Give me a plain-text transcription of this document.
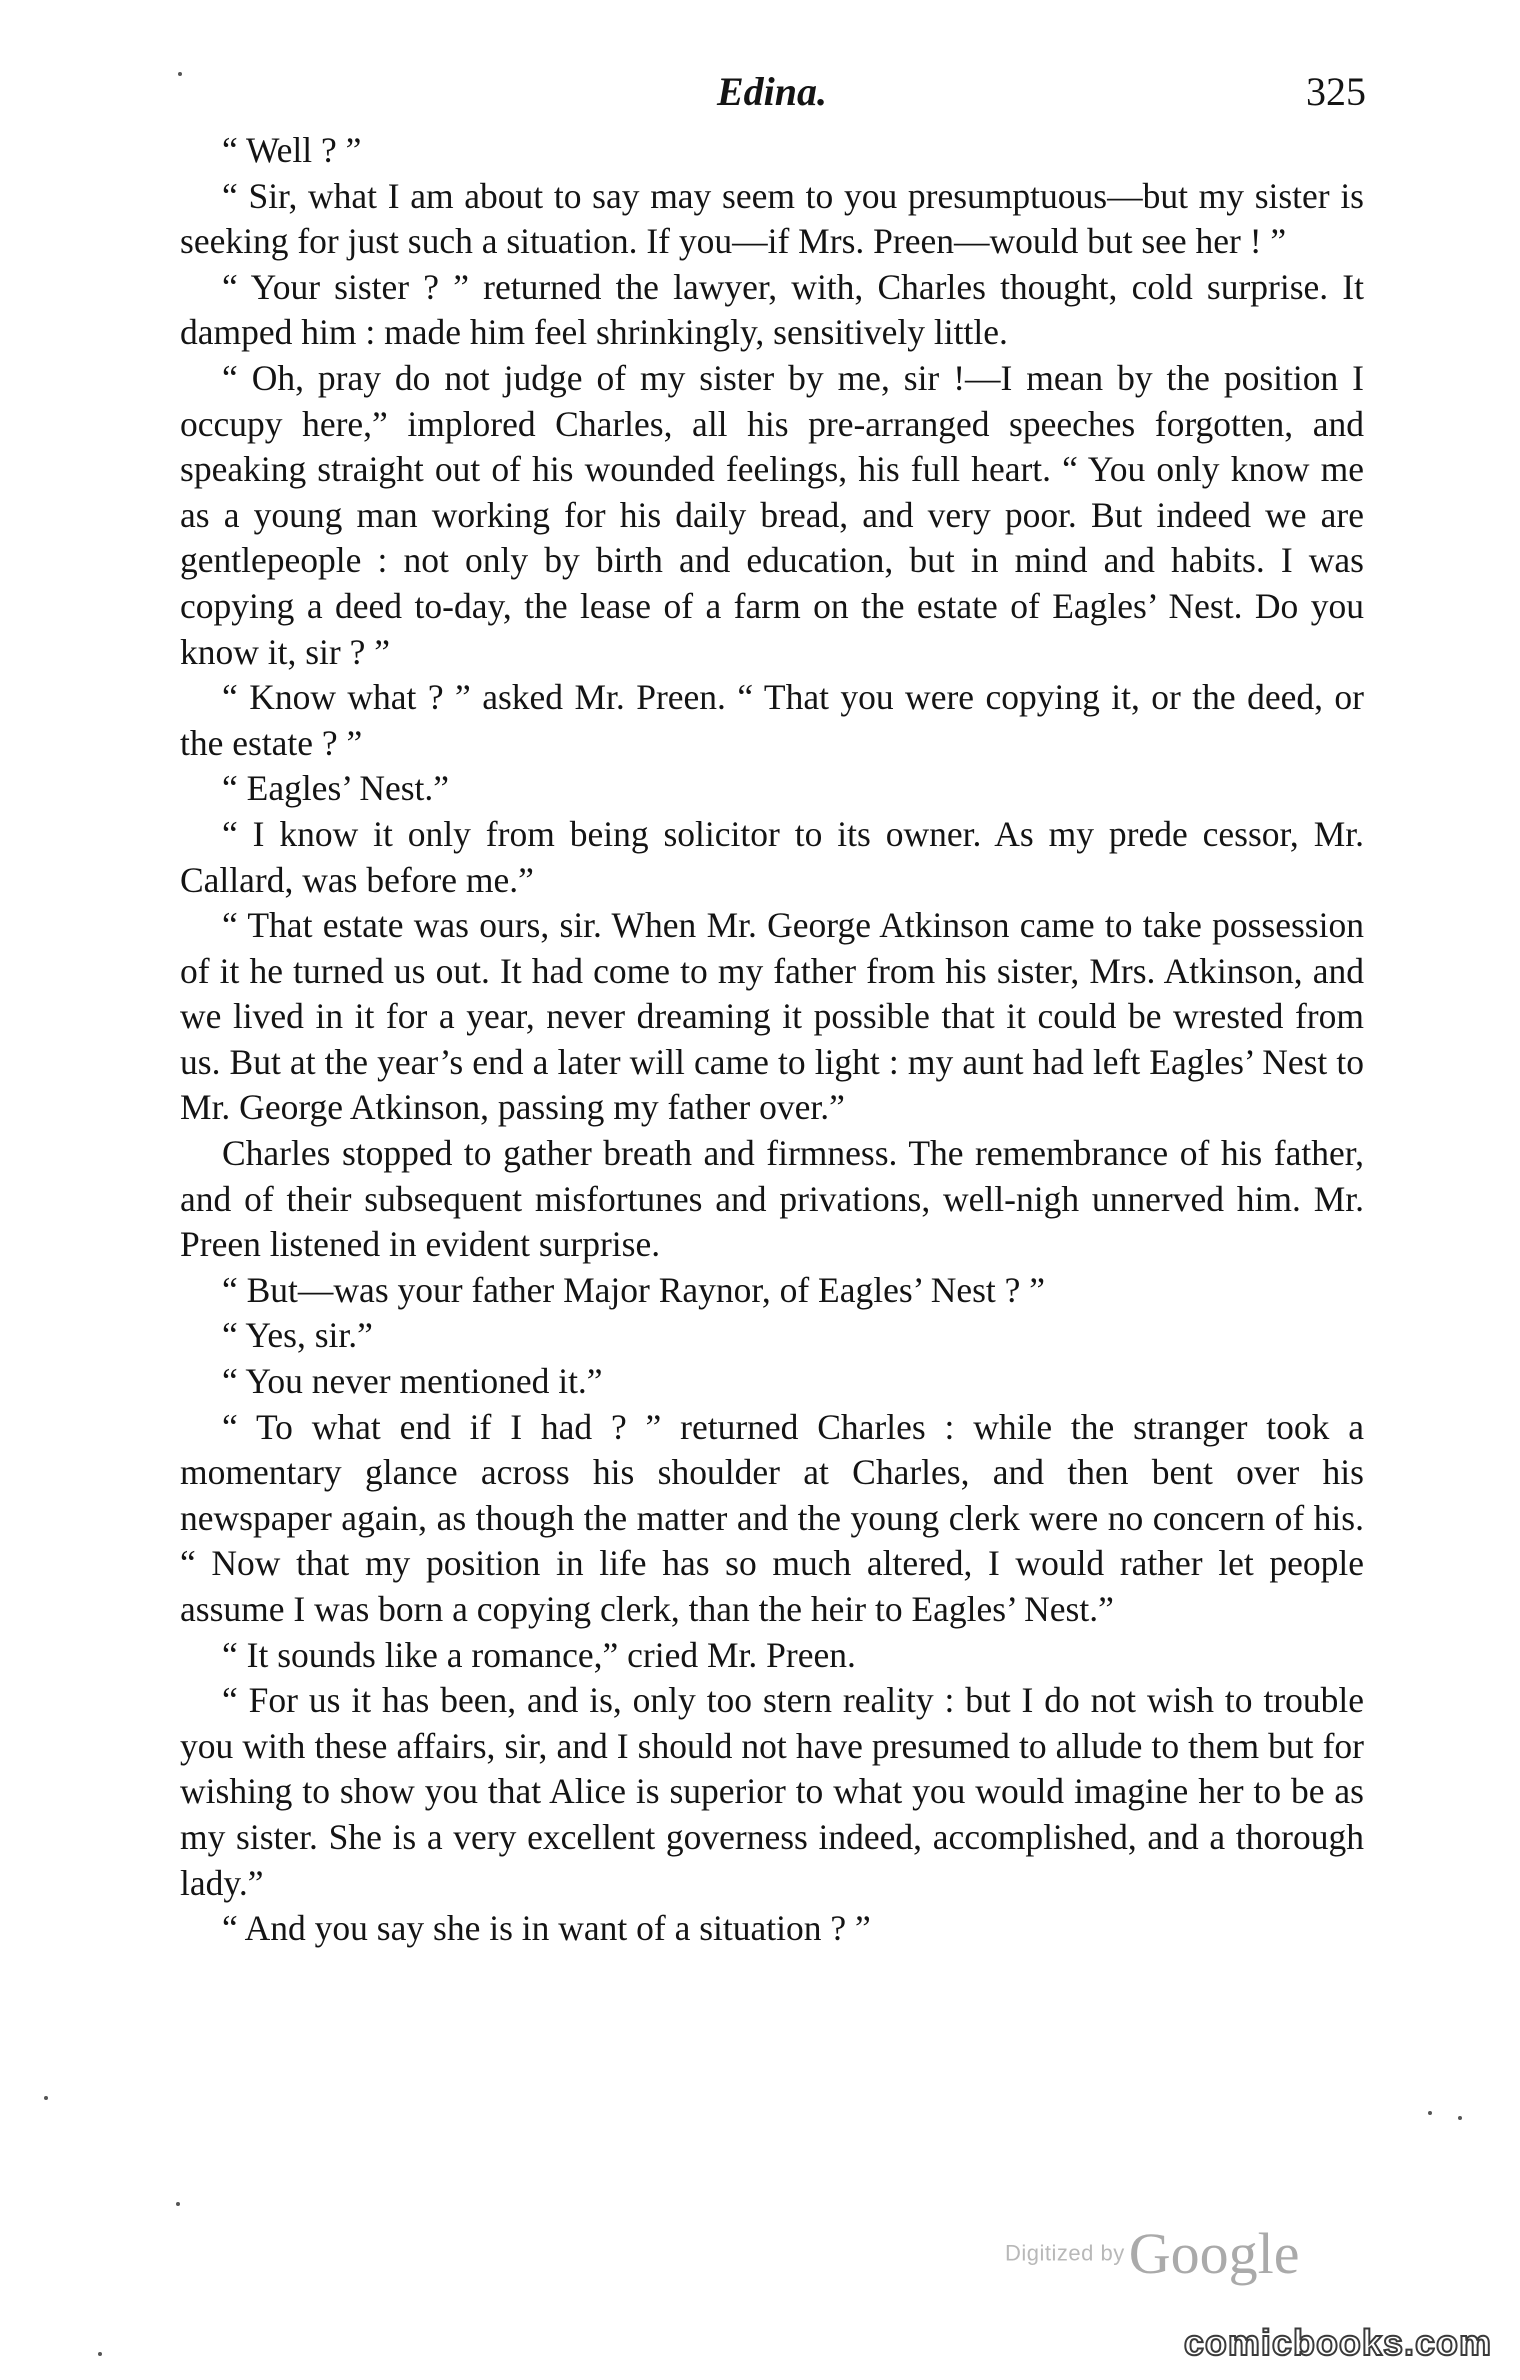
Edina.	325

“ Well ? ”

“ Sir, what I am about to say may seem to you presumptuous—but my sister is seeking for just such a situation. If you—if Mrs. Preen—would but see her ! ”

“ Your sister ? ” returned the lawyer, with, Charles thought, cold surprise. It damped him : made him feel shrinkingly, sensitively little.

“ Oh, pray do not judge of my sister by me, sir !—I mean by the position I occupy here,” implored Charles, all his pre-arranged speeches forgotten, and speaking straight out of his wounded feelings, his full heart. “ You only know me as a young man working for his daily bread, and very poor. But indeed we are gentlepeople : not only by birth and education, but in mind and habits. I was copying a deed to-day, the lease of a farm on the estate of Eagles’ Nest. Do you know it, sir ? ”

“ Know what ? ” asked Mr. Preen. “ That you were copying it, or the deed, or the estate ? ”

“ Eagles’ Nest.”

“ I know it only from being solicitor to its owner. As my prede cessor, Mr. Callard, was before me.”

“ That estate was ours, sir. When Mr. George Atkinson came to take possession of it he turned us out. It had come to my father from his sister, Mrs. Atkinson, and we lived in it for a year, never dreaming it possible that it could be wrested from us. But at the year’s end a later will came to light : my aunt had left Eagles’ Nest to Mr. George Atkinson, passing my father over.”

Charles stopped to gather breath and firmness. The remembrance of his father, and of their subsequent misfortunes and privations, well-nigh unnerved him. Mr. Preen listened in evident surprise.

“ But—was your father Major Raynor, of Eagles’ Nest ? ”

“ Yes, sir.”

“ You never mentioned it.”

“ To what end if I had ? ” returned Charles : while the stranger took a momentary glance across his shoulder at Charles, and then bent over his newspaper again, as though the matter and the young clerk were no concern of his. “ Now that my position in life has so much altered, I would rather let people assume I was born a copying clerk, than the heir to Eagles’ Nest.”

“ It sounds like a romance,” cried Mr. Preen.

“ For us it has been, and is, only too stern reality : but I do not wish to trouble you with these affairs, sir, and I should not have presumed to allude to them but for wishing to show you that Alice is superior to what you would imagine her to be as my sister. She is a very excellent governess indeed, accomplished, and a thorough lady.”

“ And you say she is in want of a situation ? ”

Digitized by Google
comicbooks.com
